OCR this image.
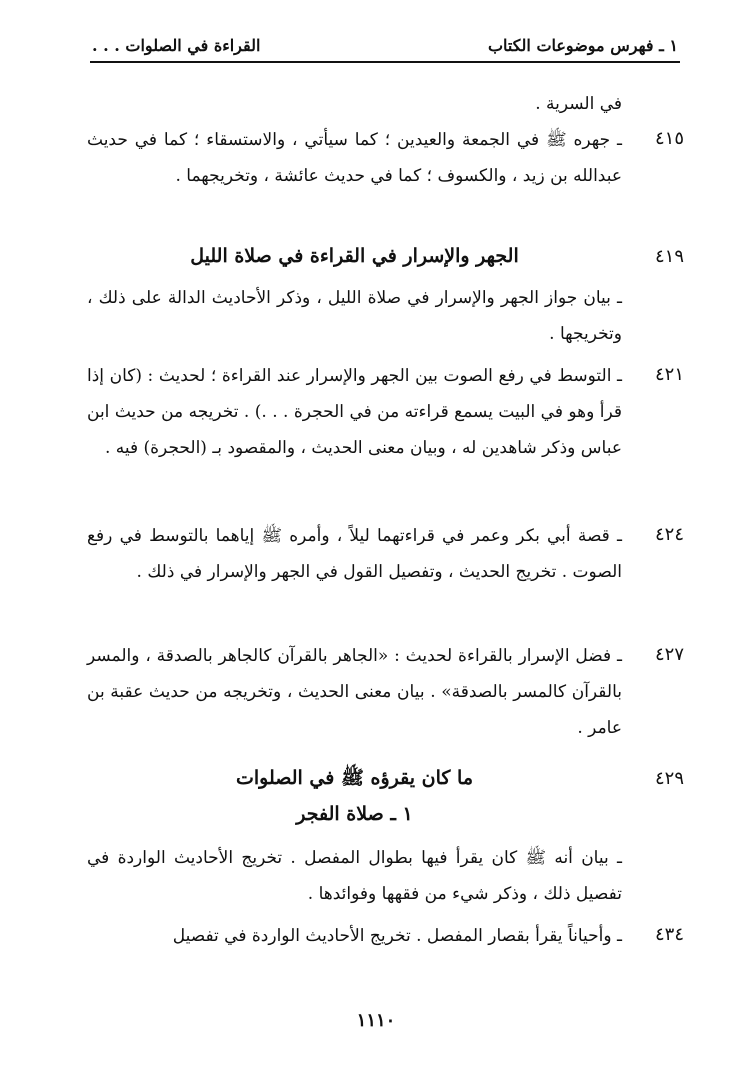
١ ـ فهرس موضوعات الكتاب
القراءة في الصلوات . . .
في السرية .
٤١٥
ـ جهره ﷺ في الجمعة والعيدين ؛ كما سيأتي ، والاستسقاء ؛ كما في حديث عبدالله بن زيد ، والكسوف ؛ كما في حديث عائشة ، وتخريجهما .
٤١٩
الجهر والإسرار في القراءة في صلاة الليل
ـ بيان جواز الجهر والإسرار في صلاة الليل ، وذكر الأحاديث الدالة على ذلك ، وتخريجها .
٤٢١
ـ التوسط في رفع الصوت بين الجهر والإسرار عند القراءة ؛ لحديث : (كان إذا قرأ وهو في البيت يسمع قراءته من في الحجرة . . .) . تخريجه من حديث ابن عباس وذكر شاهدين له ، وبيان معنى الحديث ، والمقصود بـ (الحجرة) فيه .
٤٢٤
ـ قصة أبي بكر وعمر في قراءتهما ليلاً ، وأمره ﷺ إياهما بالتوسط في رفع الصوت . تخريج الحديث ، وتفصيل القول في الجهر والإسرار في ذلك .
٤٢٧
ـ فضل الإسرار بالقراءة لحديث : «الجاهر بالقرآن كالجاهر بالصدقة ، والمسر بالقرآن كالمسر بالصدقة» . بيان معنى الحديث ، وتخريجه من حديث عقبة بن عامر .
٤٢٩
ما كان يقرؤه ﷺ في الصلوات
١ ـ صلاة الفجر
ـ بيان أنه ﷺ كان يقرأ فيها بطوال المفصل . تخريج الأحاديث الواردة في تفصيل ذلك ، وذكر شيء من فقهها وفوائدها .
٤٣٤
ـ وأحياناً يقرأ بقصار المفصل . تخريج الأحاديث الواردة في تفصيل
١١١٠
